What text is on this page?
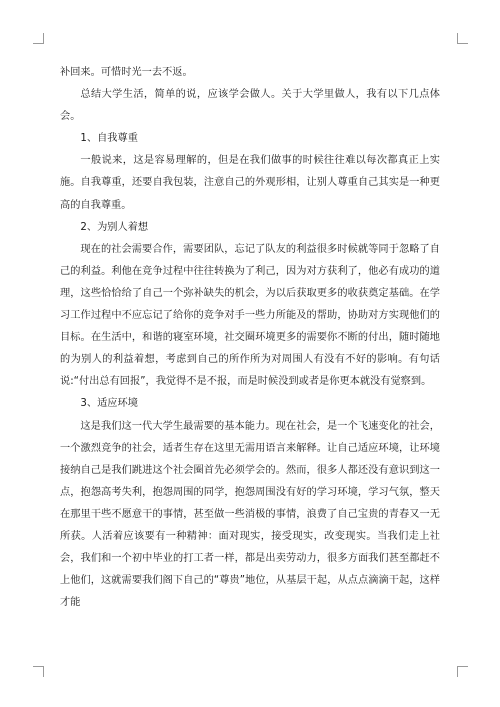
补回来。可惜时光一去不返。

总结大学生活，简单的说，应该学会做人。关于大学里做人，我有以下几点体会。

1、自我尊重

一般说来，这是容易理解的，但是在我们做事的时候往往难以每次都真正上实施。自我尊重，还要自我包装，注意自己的外观形相，让别人尊重自己其实是一种更高的自我尊重。

2、为别人着想

现在的社会需要合作，需要团队，忘记了队友的利益很多时候就等同于忽略了自己的利益。利他在竞争过程中往往转换为了利己，因为对方获利了，他必有成功的道理，这些恰恰给了自己一个弥补缺失的机会，为以后获取更多的收获奠定基础。在学习工作过程中不应忘记了给你的竞争对手一些力所能及的帮助，协助对方实现他们的目标。在生活中，和谐的寝室环境，社交圈环境更多的需要你不断的付出，随时随地的为别人的利益着想，考虑到自己的所作所为对周围人有没有不好的影响。有句话说:“付出总有回报”，我觉得不是不报，而是时候没到或者是你更本就没有觉察到。

3、适应环境

这是我们这一代大学生最需要的基本能力。现在社会，是一个飞速变化的社会，一个激烈竞争的社会，适者生存在这里无需用语言来解释。让自己适应环境，让环境接纳自己是我们跳进这个社会圈首先必须学会的。然而，很多人都还没有意识到这一点，抱怨高考失利，抱怨周围的同学，抱怨周围没有好的学习环境，学习气氛，整天在那里干些不愿意干的事情，甚至做一些消极的事情，浪费了自己宝贵的青春又一无所获。人活着应该要有一种精神：面对现实，接受现实，改变现实。当我们走上社会，我们和一个初中毕业的打工者一样，都是出卖劳动力，很多方面我们甚至都赶不上他们，这就需要我们阁下自己的“尊贵”地位，从基层干起，从点点滴滴干起，这样才能
